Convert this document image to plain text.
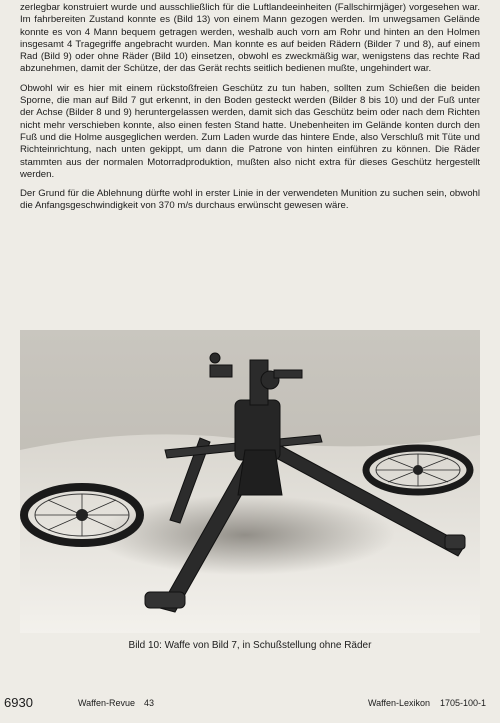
zerlegbar konstruiert wurde und ausschließlich für die Luftlandeeinheiten (Fallschirmjäger) vorgesehen war. Im fahrbereiten Zustand konnte es (Bild 13) von einem Mann gezogen werden. Im unwegsamen Gelände konnte es von 4 Mann bequem getragen werden, weshalb auch vorn am Rohr und hinten an den Holmen insgesamt 4 Tragegriffe angebracht wurden. Man konnte es auf beiden Rädern (Bilder 7 und 8), auf einem Rad (Bild 9) oder ohne Räder (Bild 10) einsetzen, obwohl es zweckmäßig war, wenigstens das rechte Rad abzunehmen, damit der Schütze, der das Gerät rechts seitlich bedienen mußte, ungehindert war.

Obwohl wir es hier mit einem rückstoßfreien Geschütz zu tun haben, sollten zum Schießen die beiden Sporne, die man auf Bild 7 gut erkennt, in den Boden gesteckt werden (Bilder 8 bis 10) und der Fuß unter der Achse (Bilder 8 und 9) heruntergelassen werden, damit sich das Geschütz beim oder nach dem Richten nicht mehr verschieben konnte, also einen festen Stand hatte. Unebenheiten im Gelände konten durch den Fuß und die Holme ausgeglichen werden. Zum Laden wurde das hintere Ende, also Verschluß mit Tüte und Richteinrichtung, nach unten gekippt, um dann die Patrone von hinten einführen zu können. Die Räder stammten aus der normalen Motorradproduktion, mußten also nicht extra für dieses Geschütz hergestellt werden.

Der Grund für die Ablehnung dürfte wohl in erster Linie in der verwendeten Munition zu suchen sein, obwohl die Anfangsgeschwindigkeit von 370 m/s durchaus erwünscht gewesen wäre.

Bild 10: Waffe von Bild 7, in Schußstellung ohne Räder
6930	Waffen-Revue 43	Waffen-Lexikon 1705-100-1
